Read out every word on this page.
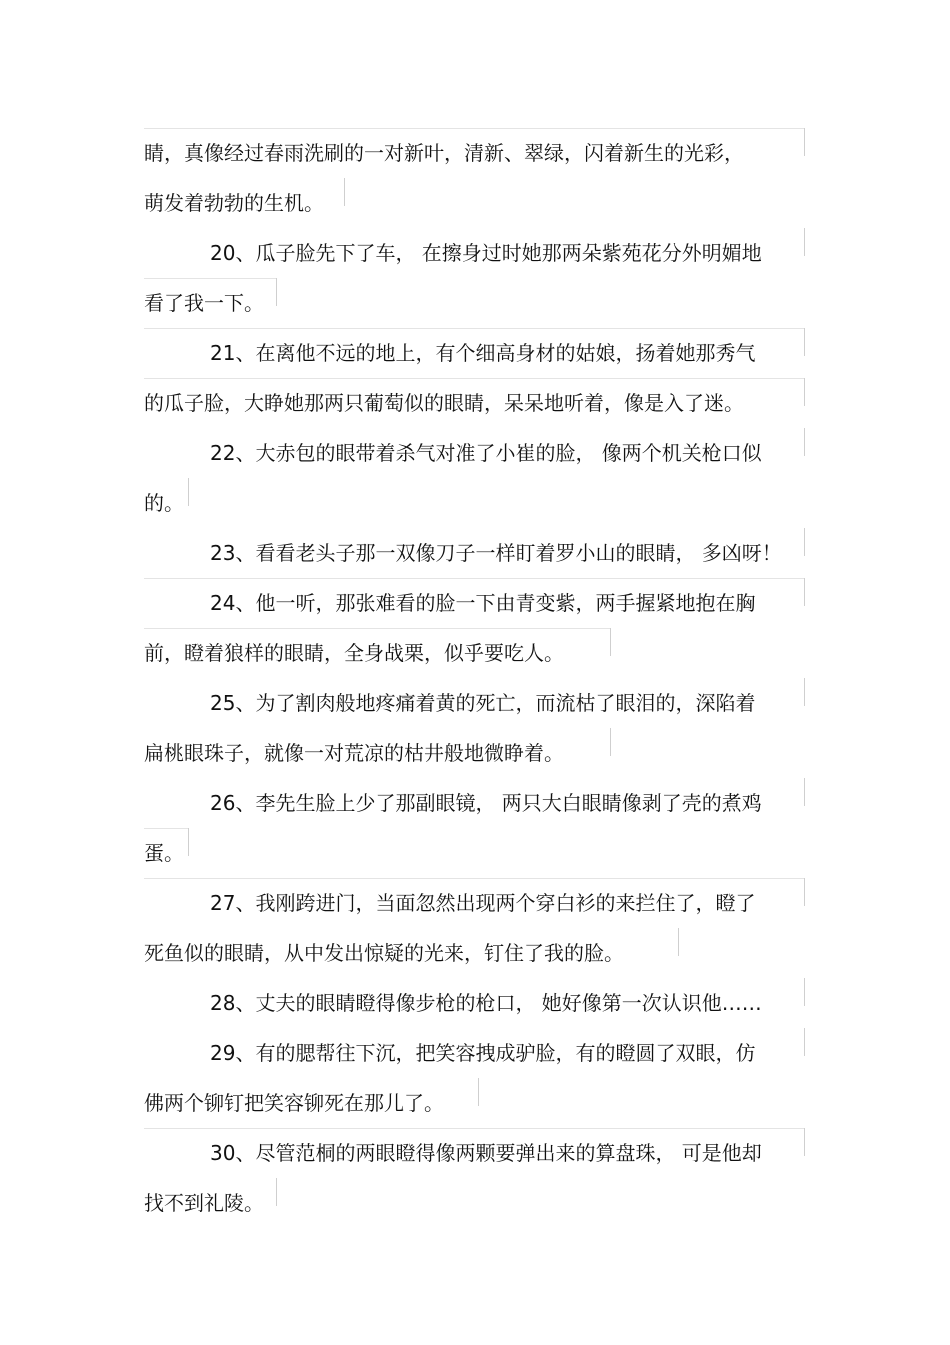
睛，真像经过春雨洗刷的一对新叶，清新、翠绿，闪着新生的光彩，
萌发着勃勃的生机。
20、瓜子脸先下了车， 在擦身过时她那两朵紫苑花分外明媚地
看了我一下。
21、在离他不远的地上，有个细高身材的姑娘，扬着她那秀气
的瓜子脸，大睁她那两只葡萄似的眼睛，呆呆地听着，像是入了迷。
22、大赤包的眼带着杀气对准了小崔的脸， 像两个机关枪口似
的。
23、看看老头子那一双像刀子一样盯着罗小山的眼睛， 多凶呀！
24、他一听，那张难看的脸一下由青变紫，两手握紧地抱在胸
前，瞪着狼样的眼睛，全身战栗，似乎要吃人。
25、为了割肉般地疼痛着黄的死亡，而流枯了眼泪的，深陷着
扁桃眼珠子，就像一对荒凉的枯井般地微睁着。
26、李先生脸上少了那副眼镜， 两只大白眼睛像剥了壳的煮鸡
蛋。
27、我刚跨进门，当面忽然出现两个穿白衫的来拦住了，瞪了
死鱼似的眼睛，从中发出惊疑的光来，钉住了我的脸。
28、丈夫的眼睛瞪得像步枪的枪口， 她好像第一次认识他……
29、有的腮帮往下沉，把笑容拽成驴脸，有的瞪圆了双眼，仿
佛两个铆钉把笑容铆死在那儿了。
30、尽管范桐的两眼瞪得像两颗要弹出来的算盘珠， 可是他却
找不到礼陵。
